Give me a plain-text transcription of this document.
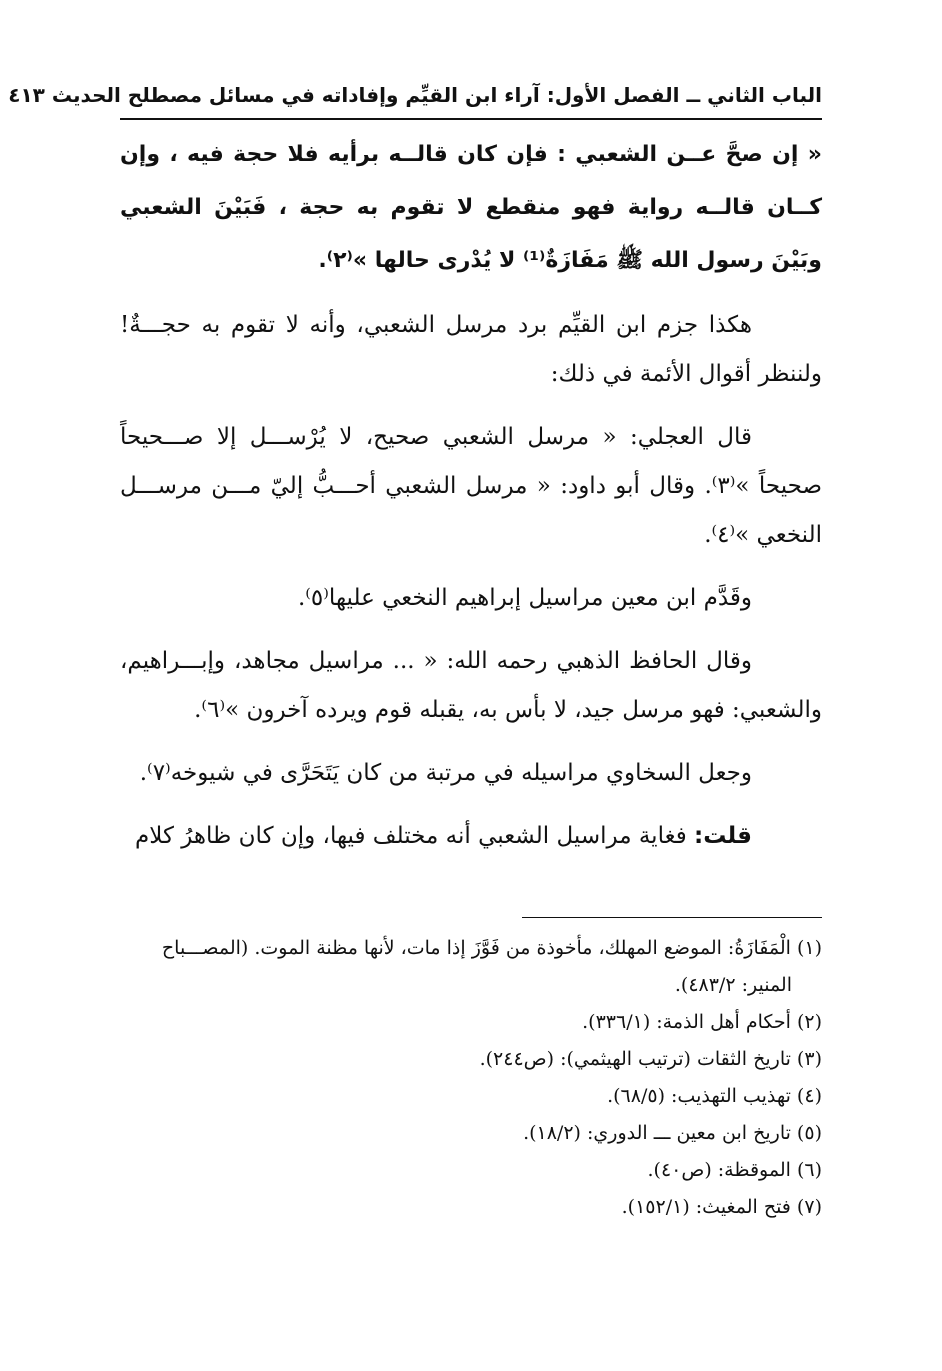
الباب الثاني ــ الفصل الأول: آراء ابن القيِّم وإفاداته في مسائل مصطلح الحديث ٤١٣

« إن صحَّ عــن الشعبي : فإن كان قالــه برأيه فلا حجة فيه ، وإن كــان قالــه رواية فهو منقطع لا تقوم به حجة ، فَبَيْنَ الشعبي وبَيْنَ رسول الله ﷺ مَفَازَةٌ⁽¹⁾ لا يُدْرى حالها »⁽٢⁾.

هكذا جزم ابن القيِّم برد مرسل الشعبي، وأنه لا تقوم به حجـــةٌ! ولننظر أقوال الأئمة في ذلك:

قال العجلي: « مرسل الشعبي صحيح، لا يُرْســـل إلا صـــحيحاً صحيحاً »⁽٣⁾. وقال أبو داود: « مرسل الشعبي أحـــبُّ إليّ مـــن مرســـل النخعي »⁽٤⁾.

وقَدَّم ابن معين مراسيل إبراهيم النخعي عليها⁽٥⁾.

وقال الحافظ الذهبي رحمه الله: « ... مراسيل مجاهد، وإبـــراهيم، والشعبي: فهو مرسل جيد، لا بأس به، يقبله قوم ويرده آخرون »⁽٦⁾.

وجعل السخاوي مراسيله في مرتبة من كان يَتَحَرَّى في شيوخه⁽٧⁾.

قلت: فغاية مراسيل الشعبي أنه مختلف فيها، وإن كان ظاهرُ كلام

(١) الْمَفَازَةُ: الموضع المهلك، مأخوذة من فَوَّزَ إذا مات، لأنها مظنة الموت. (المصـــباح

المنير: ٤٨٣/٢).

(٢) أحكام أهل الذمة: (٣٣٦/١).

(٣) تاريخ الثقات (ترتيب الهيثمي): (ص٢٤٤).

(٤) تهذيب التهذيب: (٦٨/٥).

(٥) تاريخ ابن معين ـــ الدوري: (١٨/٢).

(٦) الموقظة: (ص٤٠).

(٧) فتح المغيث: (١٥٢/١).
